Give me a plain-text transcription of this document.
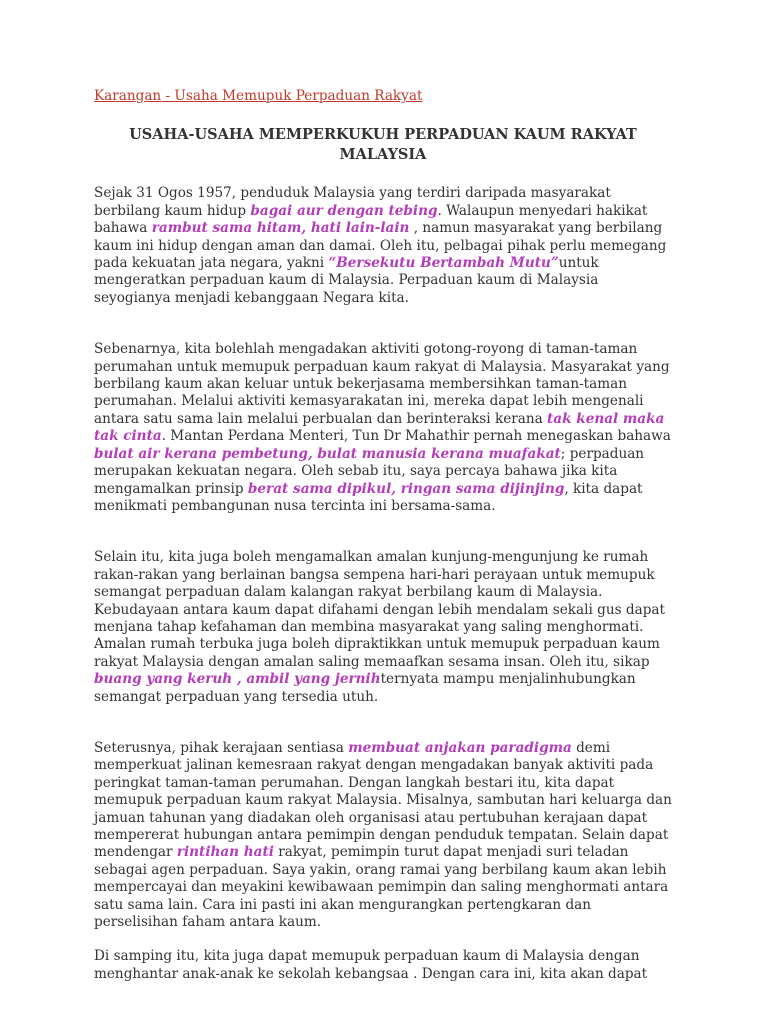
Karangan - Usaha Memupuk Perpaduan Rakyat
USAHA-USAHA MEMPERKUKUH PERPADUAN KAUM RAKYAT MALAYSIA

Sejak 31 Ogos 1957, penduduk Malaysia yang terdiri daripada masyarakat berbilang kaum hidup bagai aur dengan tebing. Walaupun menyedari hakikat bahawa rambut sama hitam, hati lain-lain , namun masyarakat yang berbilang kaum ini hidup dengan aman dan damai. Oleh itu, pelbagai pihak perlu memegang pada kekuatan jata negara, yakni “Bersekutu Bertambah Mutu”untuk mengeratkan perpaduan kaum di Malaysia. Perpaduan kaum di Malaysia seyogianya menjadi kebanggaan Negara kita.

Sebenarnya, kita bolehlah mengadakan aktiviti gotong-royong di taman-taman perumahan untuk memupuk perpaduan kaum rakyat di Malaysia. Masyarakat yang berbilang kaum akan keluar untuk bekerjasama membersihkan taman-taman perumahan. Melalui aktiviti kemasyarakatan ini, mereka dapat lebih mengenali antara satu sama lain melalui perbualan dan berinteraksi kerana tak kenal maka tak cinta. Mantan Perdana Menteri, Tun Dr Mahathir pernah menegaskan bahawa bulat air kerana pembetung, bulat manusia kerana muafakat; perpaduan merupakan kekuatan negara. Oleh sebab itu, saya percaya bahawa jika kita mengamalkan prinsip berat sama dipikul, ringan sama dijinjing, kita dapat menikmati pembangunan nusa tercinta ini bersama-sama.

Selain itu, kita juga boleh mengamalkan amalan kunjung-mengunjung ke rumah rakan-rakan yang berlainan bangsa sempena hari-hari perayaan untuk memupuk semangat perpaduan dalam kalangan rakyat berbilang kaum di Malaysia. Kebudayaan antara kaum dapat difahami dengan lebih mendalam sekali gus dapat menjana tahap kefahaman dan membina masyarakat yang saling menghormati. Amalan rumah terbuka juga boleh dipraktikkan untuk memupuk perpaduan kaum rakyat Malaysia dengan amalan saling memaafkan sesama insan. Oleh itu, sikap buang yang keruh , ambil yang jernihternyata mampu menjalinhubungkan semangat perpaduan yang tersedia utuh.

Seterusnya, pihak kerajaan sentiasa membuat anjakan paradigma demi memperkuat jalinan kemesraan rakyat dengan mengadakan banyak aktiviti pada peringkat taman-taman perumahan. Dengan langkah bestari itu, kita dapat memupuk perpaduan kaum rakyat Malaysia. Misalnya, sambutan hari keluarga dan jamuan tahunan yang diadakan oleh organisasi atau pertubuhan kerajaan dapat mempererat hubungan antara pemimpin dengan penduduk tempatan. Selain dapat mendengar rintihan hati rakyat, pemimpin turut dapat menjadi suri teladan sebagai agen perpaduan. Saya yakin, orang ramai yang berbilang kaum akan lebih mempercayai dan meyakini kewibawaan pemimpin dan saling menghormati antara satu sama lain. Cara ini pasti ini akan mengurangkan pertengkaran dan perselisihan faham antara kaum.

Di samping itu, kita juga dapat memupuk perpaduan kaum di Malaysia dengan menghantar anak-anak ke sekolah kebangsaa . Dengan cara ini, kita akan dapat
